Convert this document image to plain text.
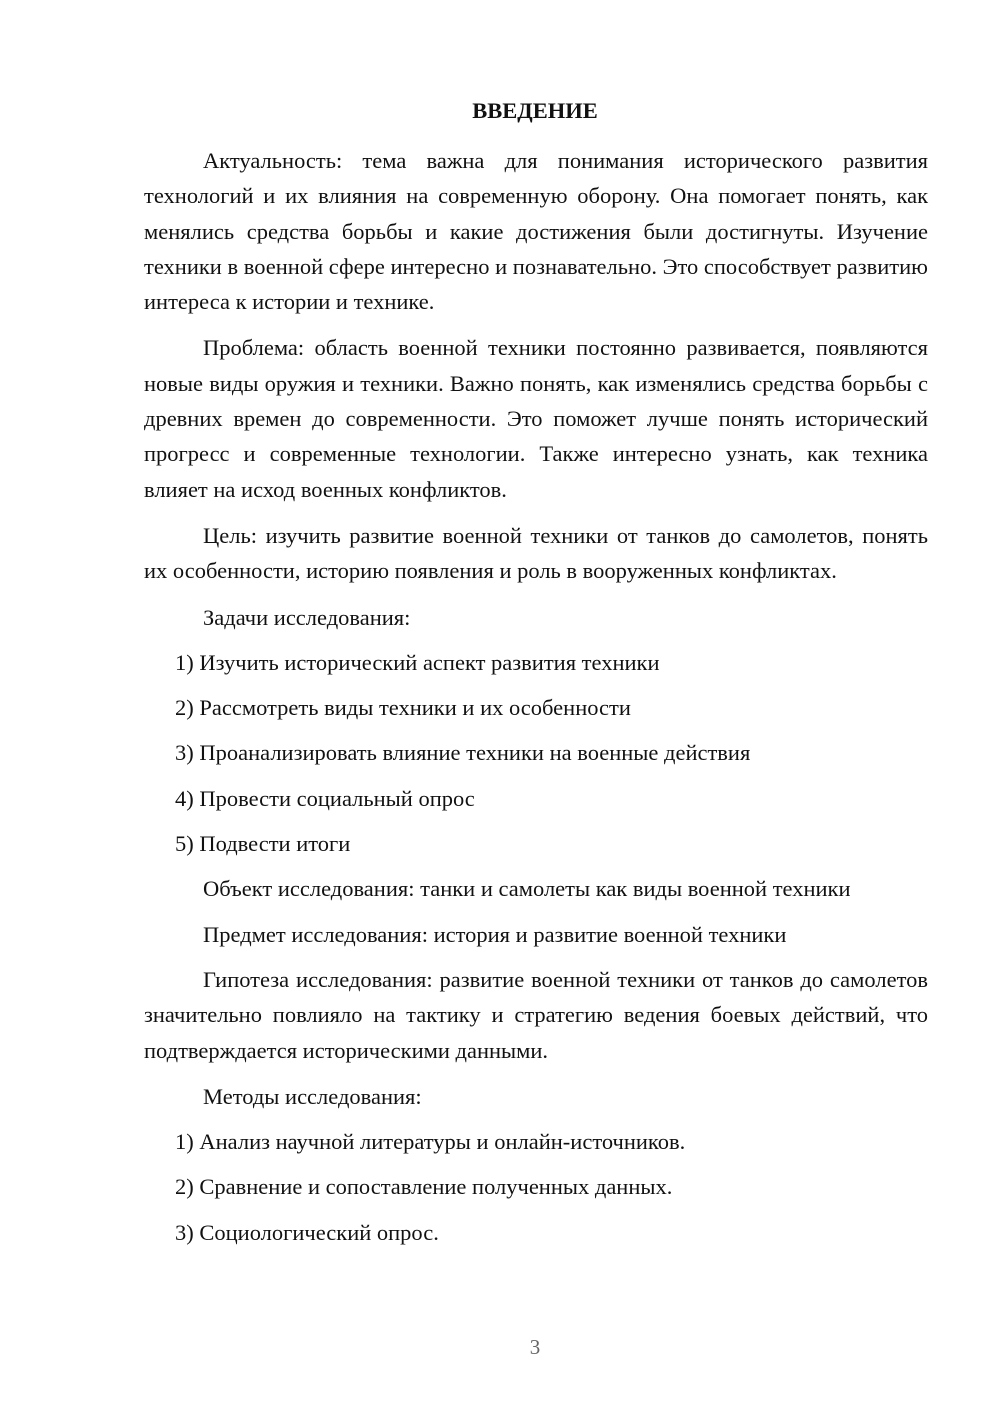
ВВЕДЕНИЕ

Актуальность: тема важна для понимания исторического развития технологий и их влияния на современную оборону. Она помогает понять, как менялись средства борьбы и какие достижения были достигнуты. Изучение техники в военной сфере интересно и познавательно. Это способствует развитию интереса к истории и технике.

Проблема: область военной техники постоянно развивается, появляются новые виды оружия и техники. Важно понять, как изменялись средства борьбы с древних времен до современности. Это поможет лучше понять исторический прогресс и современные технологии. Также интересно узнать, как техника влияет на исход военных конфликтов.

Цель: изучить развитие военной техники от танков до самолетов, понять их особенности, историю появления и роль в вооруженных конфликтах.

Задачи исследования:
1) Изучить исторический аспект развития техники
2) Рассмотреть виды техники и их особенности
3) Проанализировать влияние техники на военные действия
4) Провести социальный опрос
5) Подвести итоги
Объект исследования: танки и самолеты как виды военной техники
Предмет исследования: история и развитие военной техники

Гипотеза исследования: развитие военной техники от танков до самолетов значительно повлияло на тактику и стратегию ведения боевых действий, что подтверждается историческими данными.

Методы исследования:
1) Анализ научной литературы и онлайн-источников.
2) Сравнение и сопоставление полученных данных.
3) Социологический опрос.
3
